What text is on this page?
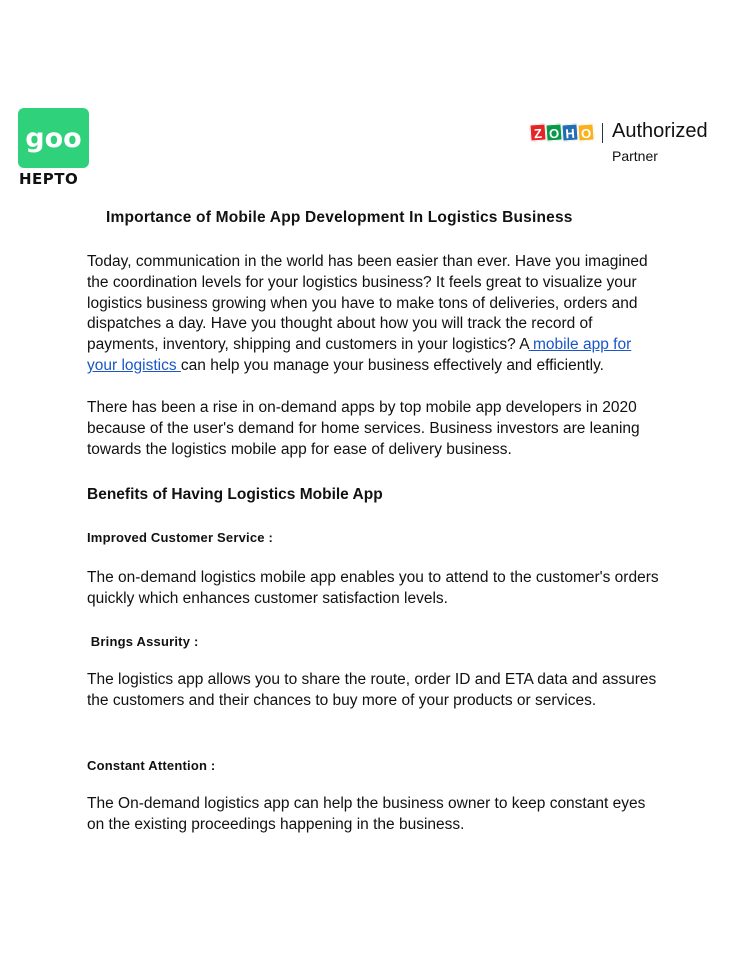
goo
HEPTO
Z O H O Authorized
Partner
Importance of Mobile App Development In Logistics Business

Today, communication in the world has been easier than ever. Have you imagined the coordination levels for your logistics business? It feels great to visualize your logistics business growing when you have to make tons of deliveries, orders and dispatches a day. Have you thought about how you will track the record of payments, inventory, shipping and customers in your logistics? A mobile app for your logistics can help you manage your business effectively and efficiently.

There has been a rise in on-demand apps by top mobile app developers in 2020 because of the user's demand for home services. Business investors are leaning towards the logistics mobile app for ease of delivery business.

Benefits of Having Logistics Mobile App
Improved Customer Service :

The on-demand logistics mobile app enables you to attend to the customer's orders quickly which enhances customer satisfaction levels.

Brings Assurity :

The logistics app allows you to share the route, order ID and ETA data and assures the customers and their chances to buy more of your products or services.

Constant Attention :

The On-demand logistics app can help the business owner to keep constant eyes on the existing proceedings happening in the business.
